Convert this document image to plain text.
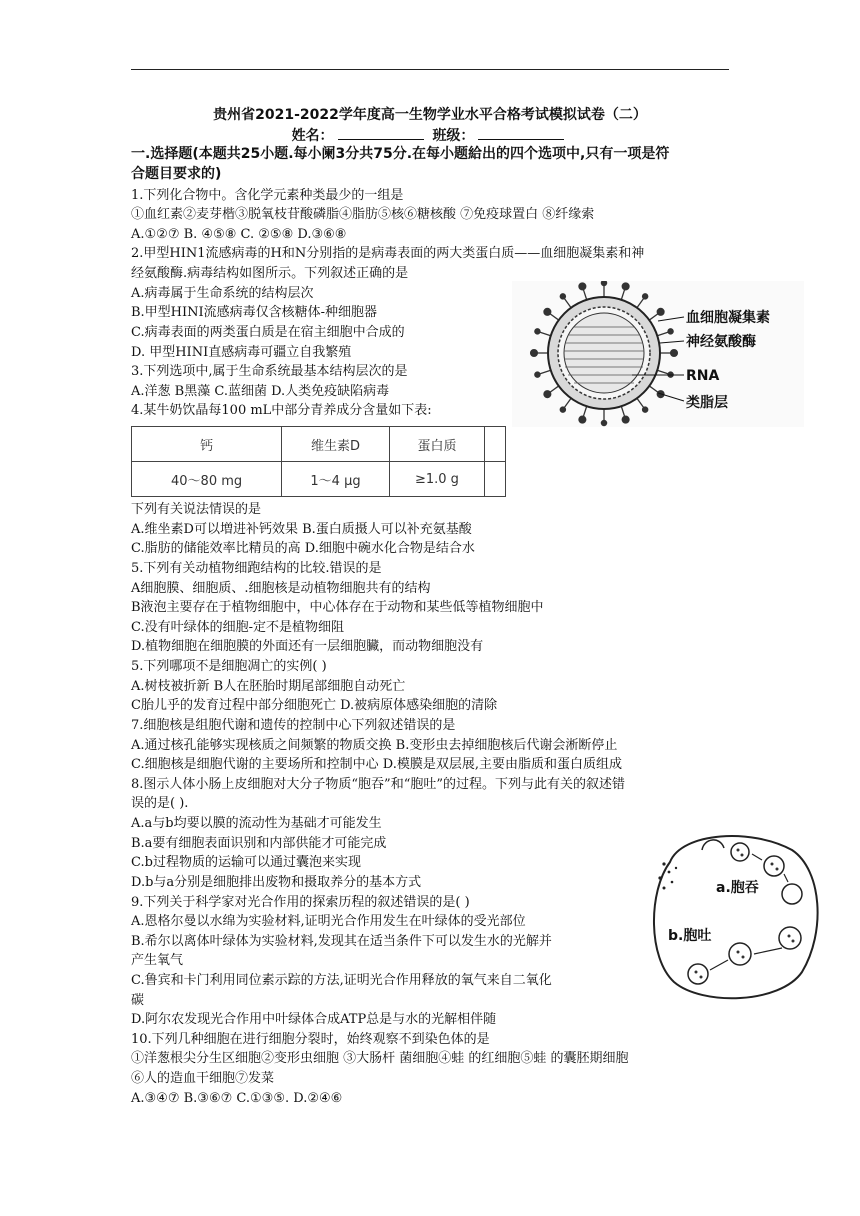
贵州省2021-2022学年度高一生物学业水平合格考试模拟试卷（二）
姓名：	班级：
一.选择题(本题共25小题.每小阑3分共75分.在每小题給出的四个选项中,只有一项是符
合题目要求的)
1.下列化合物中。含化学元素种类最少的一组是
①血红素②麦芽楷③脱氧枝苷酸磷脂④脂肪⑤核⑥糖核酸 ⑦免疫球置白 ⑧纤缘索
A.①②⑦ B. ④⑤⑧ C. ②⑤⑧ D.③⑥⑧
2.甲型HIN1流感病毒的H和N分别指的是病毒表面的两大类蛋白质——血细胞凝集素和神
经氨酸酶.病毒结构如图所示。下列叙述正确的是
A.病毒属于生命系统的结构层次
B.甲型HINI流感病毒仅含核糖体-种细胞器
C.病毒表面的两类蛋白质是在宿主细胞中合成的
D. 甲型HINI直感病毒可疆立自我繁殖
3.下列选项中,属于生命系统最基本结构层次的是
A.洋葱 B黑藻 C.蓝细菌 D.人类免疫缺陷病毒
4.某牛奶饮晶每100 mL中部分青养成分含量如下表:
钙	维生素D	蛋白质	
40～80 mg	1～4 μg	≥1.0 g	
下列有关说法情误的是
A.维坐素D可以増进补钙效果 B.蛋白质摄人可以补充氨基酸
C.脂肪的储能效率比精员的高 D.细胞中碗水化合物是结合水
5.下列有关动植物细跑结构的比较.错误的是
A细胞膜、细胞质、.细胞核是动植物细胞共有的结构
B液泡主要存在于植物细胞中，中心体存在于动物和某些低等植物细胞中
C.没有叶绿体的细胞-定不是植物细阻
D.植物细胞在细胞膜的外面还有一层细胞臟，而动物细胞没有
5.下列哪项不是细胞凋亡的实例( )
A.树枝被折新 B人在胚胎时期尾部细胞自动死亡
C胎儿乎的发育过程中部分细胞死亡 D.被病原体感染细胞的清除
7.细胞核是组胞代谢和遗传的控制中心下列叙述错误的是
A.通过核孔能够实现核质之间频繁的物质交换 B.变形虫去掉细胞核后代谢会淅断停止
C.细胞核是细胞代谢的主要场所和控制中心 D.模膜是双层展,主要由脂质和蛋白质组成
8.图示人体小肠上皮细胞对大分子物质“胞吞”和“胞吐”的过程。下列与此有关的叙述错
误的是( ).
A.a与b均要以膜的流动性为基础才可能发生
B.a要有细胞表面识别和内部供能才可能完成
C.b过程物质的运输可以通过囊泡来实现
D.b与a分别是细胞排出废物和摄取养分的基本方式
9.下列关于科学家对光合作用的探索历程的叙述错误的是( )
A.恩格尔曼以水绵为实验材料,证明光合作用发生在叶绿体的受光部位
B.希尔以离体叶绿体为实验材料,发现其在适当条件下可以发生水的光解并
产生氧气
C.鲁宾和卡门利用同位素示踪的方法,证明光合作用释放的氧气来自二氧化
碳
D.阿尔农发现光合作用中叶绿体合成ATP总是与水的光解相伴随
10.下列几种细胞在进行细胞分裂时，始终观察不到染色体的是
①洋葱根尖分生区细胞②变形虫细胞 ③大肠杆 菌细胞④蛙 的红细胞⑤蛙 的囊胚期细胞
⑥人的造血干细胞⑦发菜
A.③④⑦ B.③⑥⑦ C.①③⑤. D.②④⑥
血细胞凝集素
神经氨酸酶
RNA
类脂层
a.胞吞
b.胞吐
